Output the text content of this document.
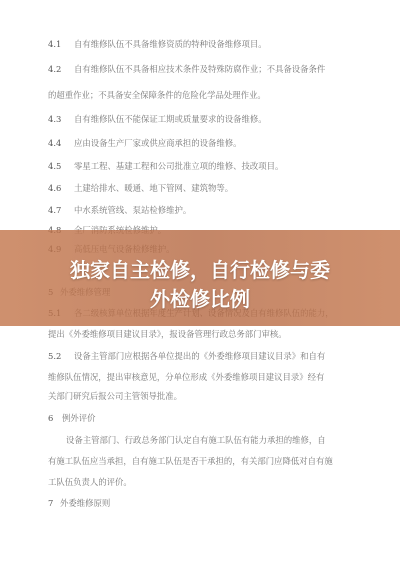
4.1 自有维修队伍不具备维修资质的特种设备维修项目。
4.2 自有维修队伍不具备相应技术条件及特殊防腐作业；不具备设备条件
的超重作业；不具备安全保障条件的危险化学品处理作业。
4.3 自有维修队伍不能保证工期或质量要求的设备维修。
4.4 应由设备生产厂家或供应商承担的设备维修。
4.5 零星工程、基建工程和公司批准立项的维修、技改项目。
4.6 土建给排水、暖通、地下管网、建筑物等。
4.7 中水系统管线、泵站检修维护。
提出《外委维修项目建议目录》，报设备管理行政总务部门审核。
5.2 设备主管部门应根据各单位提出的《外委维修项目建议目录》和自有
维修队伍情况，提出审核意见，分单位形成《外委维修项目建议目录》经有
关部门研究后报公司主管领导批准。
6 例外评价
设备主管部门、行政总务部门认定自有施工队伍有能力承担的维修，自
有施工队伍应当承担，自有施工队伍是否干承担的，有关部门应降低对自有施
工队伍负责人的评价。
7 外委维修原则
独家自主检修，自行检修与委
外检修比例
